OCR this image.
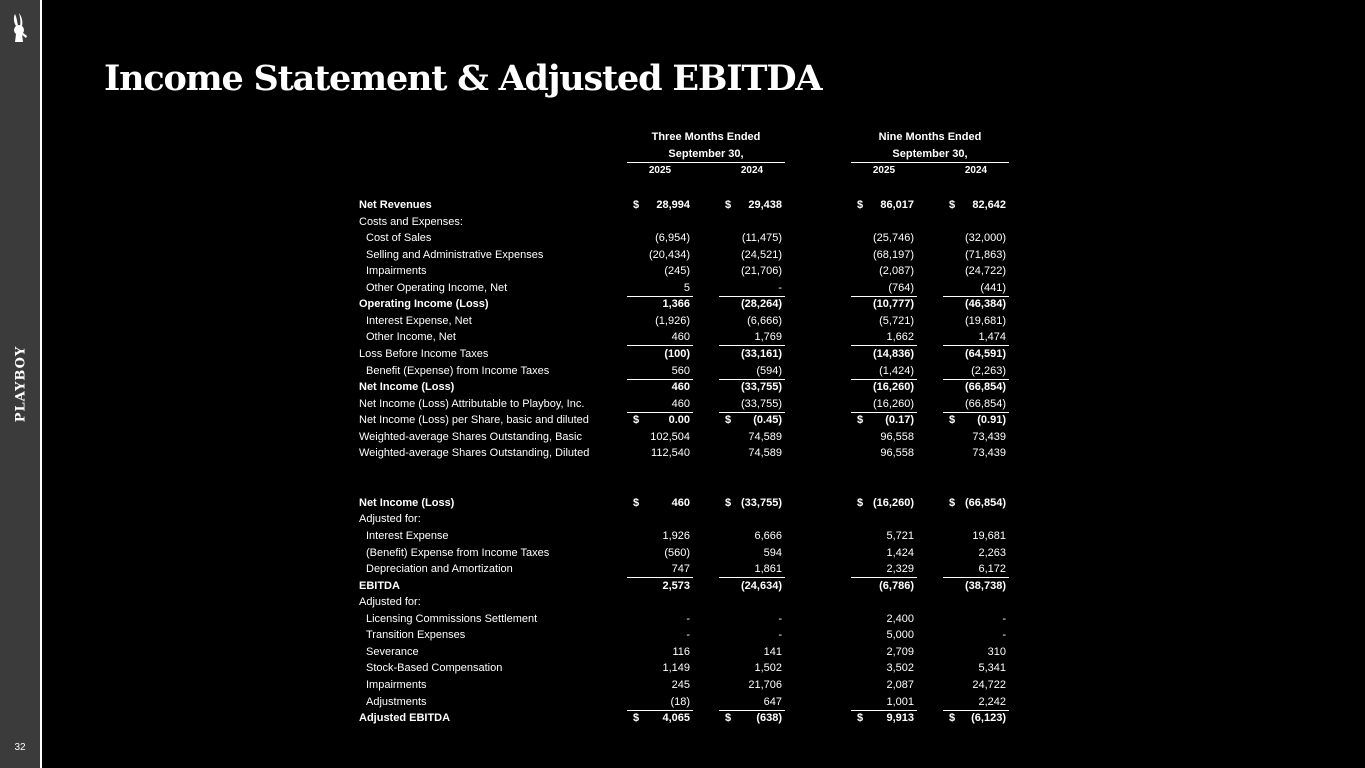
PLAYBOY
32
Income Statement & Adjusted EBITDA
Three Months Ended
September 30,
Nine Months Ended
September 30,
2025	2024	2025	2024
Net Revenues	$	28,994	$	29,438	$	86,017	$	82,642
Costs and Expenses:
Cost of Sales	(6,954)	(11,475)	(25,746)	(32,000)
Selling and Administrative Expenses	(20,434)	(24,521)	(68,197)	(71,863)
Impairments	(245)	(21,706)	(2,087)	(24,722)
Other Operating Income, Net	5	-	(764)	(441)
Operating Income (Loss)	1,366	(28,264)	(10,777)	(46,384)
Interest Expense, Net	(1,926)	(6,666)	(5,721)	(19,681)
Other Income, Net	460	1,769	1,662	1,474
Loss Before Income Taxes	(100)	(33,161)	(14,836)	(64,591)
Benefit (Expense) from Income Taxes	560	(594)	(1,424)	(2,263)
Net Income (Loss)	460	(33,755)	(16,260)	(66,854)
Net Income (Loss) Attributable to Playboy, Inc.	460	(33,755)	(16,260)	(66,854)
Net Income (Loss) per Share, basic and diluted	$	0.00	$	(0.45)	$	(0.17)	$	(0.91)
Weighted-average Shares Outstanding, Basic	102,504	74,589	96,558	73,439
Weighted-average Shares Outstanding, Diluted	112,540	74,589	96,558	73,439
Net Income (Loss)	$	460	$ (33,755)	$ (16,260)	$ (66,854)
Adjusted for:
Interest Expense	1,926	6,666	5,721	19,681
(Benefit) Expense from Income Taxes	(560)	594	1,424	2,263
Depreciation and Amortization	747	1,861	2,329	6,172
EBITDA	2,573	(24,634)	(6,786)	(38,738)
Adjusted for:
Licensing Commissions Settlement	-	-	2,400	-
Transition Expenses	-	-	5,000	-
Severance	116	141	2,709	310
Stock-Based Compensation	1,149	1,502	3,502	5,341
Impairments	245	21,706	2,087	24,722
Adjustments	(18)	647	1,001	2,242
Adjusted EBITDA	$	4,065	$	(638)	$	9,913	$	(6,123)
